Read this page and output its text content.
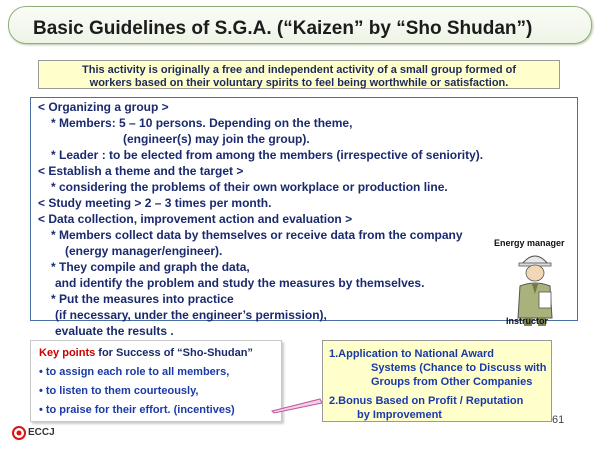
Basic Guidelines of S.G.A. (“Kaizen” by “Sho Shudan”)
This activity is originally a free and independent activity of a small group formed of
workers based on their voluntary spirits to feel being worthwhile or satisfaction.
< Organizing a group >
* Members: 5 – 10 persons. Depending on the theme,
(engineer(s) may join the group).
* Leader : to be elected from among the members (irrespective of seniority).
< Establish a theme and the target >
* considering the problems of their own workplace or production line.
< Study meeting > 2 – 3 times per month.
< Data collection, improvement action and evaluation >
* Members collect data by themselves or receive data from the company
(energy manager/engineer).
* They compile and graph the data,
and identify the problem and study the measures by themselves.
* Put the measures into practice
(if necessary, under the engineer’s permission),
evaluate the results .
Energy manager
Instructor
Key points for Success of “Sho-Shudan”
• to assign each role to all members,
• to listen to them courteously,
• to praise for their effort. (incentives)
1.Application to National Award
Systems (Chance to Discuss with
Groups from Other Companies
2.Bonus Based on Profit / Reputation
by Improvement	61
ECCJ
